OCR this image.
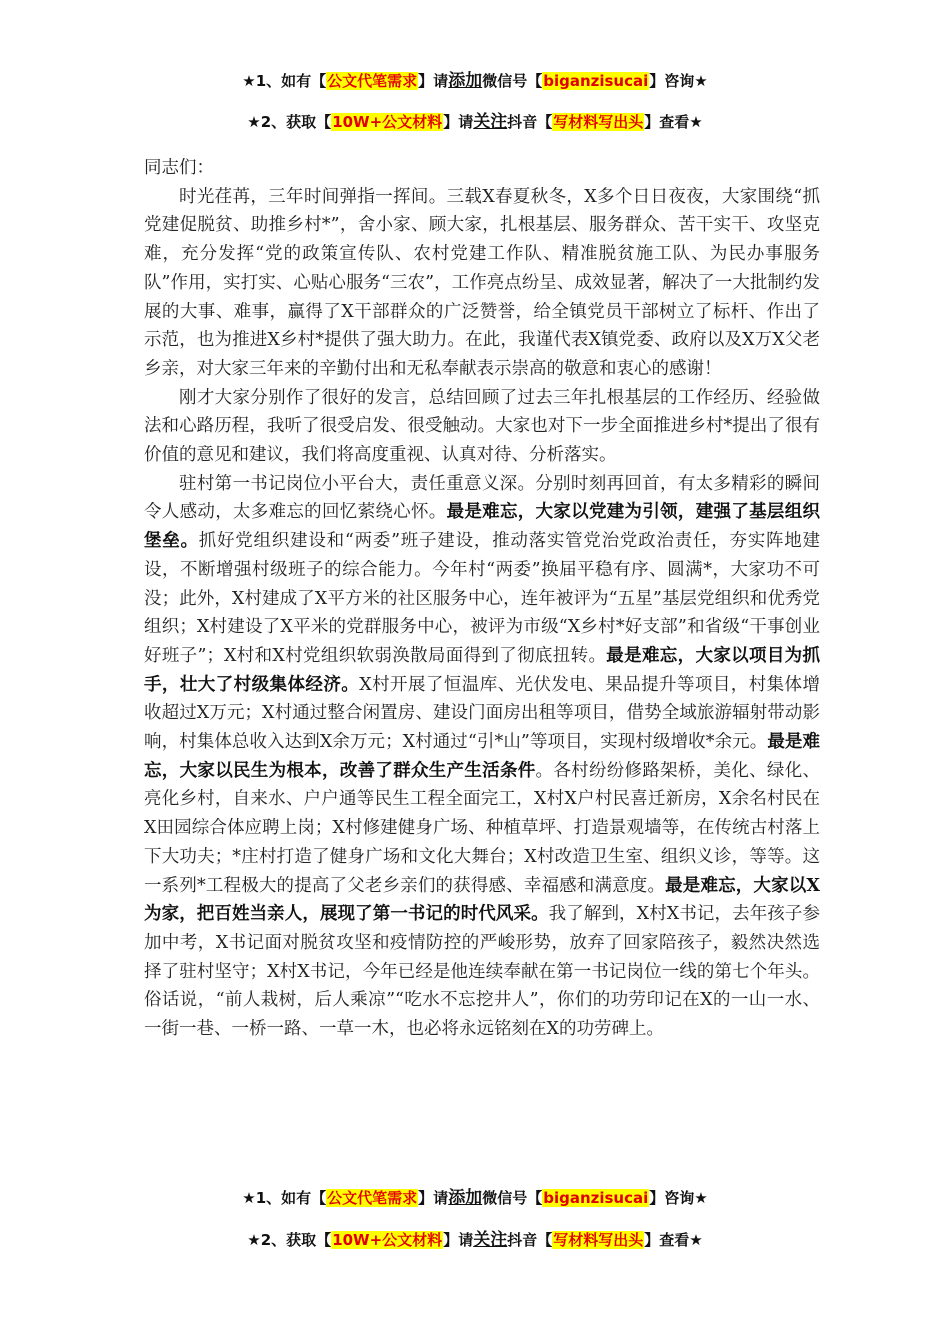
★1、如有【公文代笔需求】请添加微信号【biganzisucai】咨询★
★2、获取【10W+公文材料】请关注抖音【写材料写出头】查看★

同志们：

时光荏苒，三年时间弹指一挥间。三载X春夏秋冬，X多个日日夜夜，大家围绕“抓党建促脱贫、助推乡村*”，舍小家、顾大家，扎根基层、服务群众、苦干实干、攻坚克难，充分发挥“党的政策宣传队、农村党建工作队、精准脱贫施工队、为民办事服务队”作用，实打实、心贴心服务“三农”，工作亮点纷呈、成效显著，解决了一大批制约发展的大事、难事，赢得了X干部群众的广泛赞誉，给全镇党员干部树立了标杆、作出了示范，也为推进X乡村*提供了强大助力。在此，我谨代表X镇党委、政府以及X万X父老乡亲，对大家三年来的辛勤付出和无私奉献表示崇高的敬意和衷心的感谢！

刚才大家分别作了很好的发言，总结回顾了过去三年扎根基层的工作经历、经验做法和心路历程，我听了很受启发、很受触动。大家也对下一步全面推进乡村*提出了很有价值的意见和建议，我们将高度重视、认真对待、分析落实。

驻村第一书记岗位小平台大，责任重意义深。分别时刻再回首，有太多精彩的瞬间令人感动，太多难忘的回忆萦绕心怀。最是难忘，大家以党建为引领，建强了基层组织堡垒。抓好党组织建设和“两委”班子建设，推动落实管党治党政治责任，夯实阵地建设，不断增强村级班子的综合能力。今年村“两委”换届平稳有序、圆满*，大家功不可没；此外，X村建成了X平方米的社区服务中心，连年被评为“五星”基层党组织和优秀党组织；X村建设了X平米的党群服务中心，被评为市级“X乡村*好支部”和省级“干事创业好班子”；X村和X村党组织软弱涣散局面得到了彻底扭转。最是难忘，大家以项目为抓手，壮大了村级集体经济。X村开展了恒温库、光伏发电、果品提升等项目，村集体增收超过X万元；X村通过整合闲置房、建设门面房出租等项目，借势全域旅游辐射带动影响，村集体总收入达到X余万元；X村通过“引*山”等项目，实现村级增收*余元。最是难忘，大家以民生为根本，改善了群众生产生活条件。各村纷纷修路架桥，美化、绿化、亮化乡村，自来水、户户通等民生工程全面完工，X村X户村民喜迁新房，X余名村民在X田园综合体应聘上岗；X村修建健身广场、种植草坪、打造景观墙等，在传统古村落上下大功夫；*庄村打造了健身广场和文化大舞台；X村改造卫生室、组织义诊，等等。这一系列*工程极大的提高了父老乡亲们的获得感、幸福感和满意度。最是难忘，大家以X为家，把百姓当亲人，展现了第一书记的时代风采。我了解到，X村X书记，去年孩子参加中考，X书记面对脱贫攻坚和疫情防控的严峻形势，放弃了回家陪孩子，毅然决然选择了驻村坚守；X村X书记，今年已经是他连续奉献在第一书记岗位一线的第七个年头。俗话说，“前人栽树，后人乘凉”“吃水不忘挖井人”，你们的功劳印记在X的一山一水、一街一巷、一桥一路、一草一木，也必将永远铭刻在X的功劳碑上。

★1、如有【公文代笔需求】请添加微信号【biganzisucai】咨询★
★2、获取【10W+公文材料】请关注抖音【写材料写出头】查看★
